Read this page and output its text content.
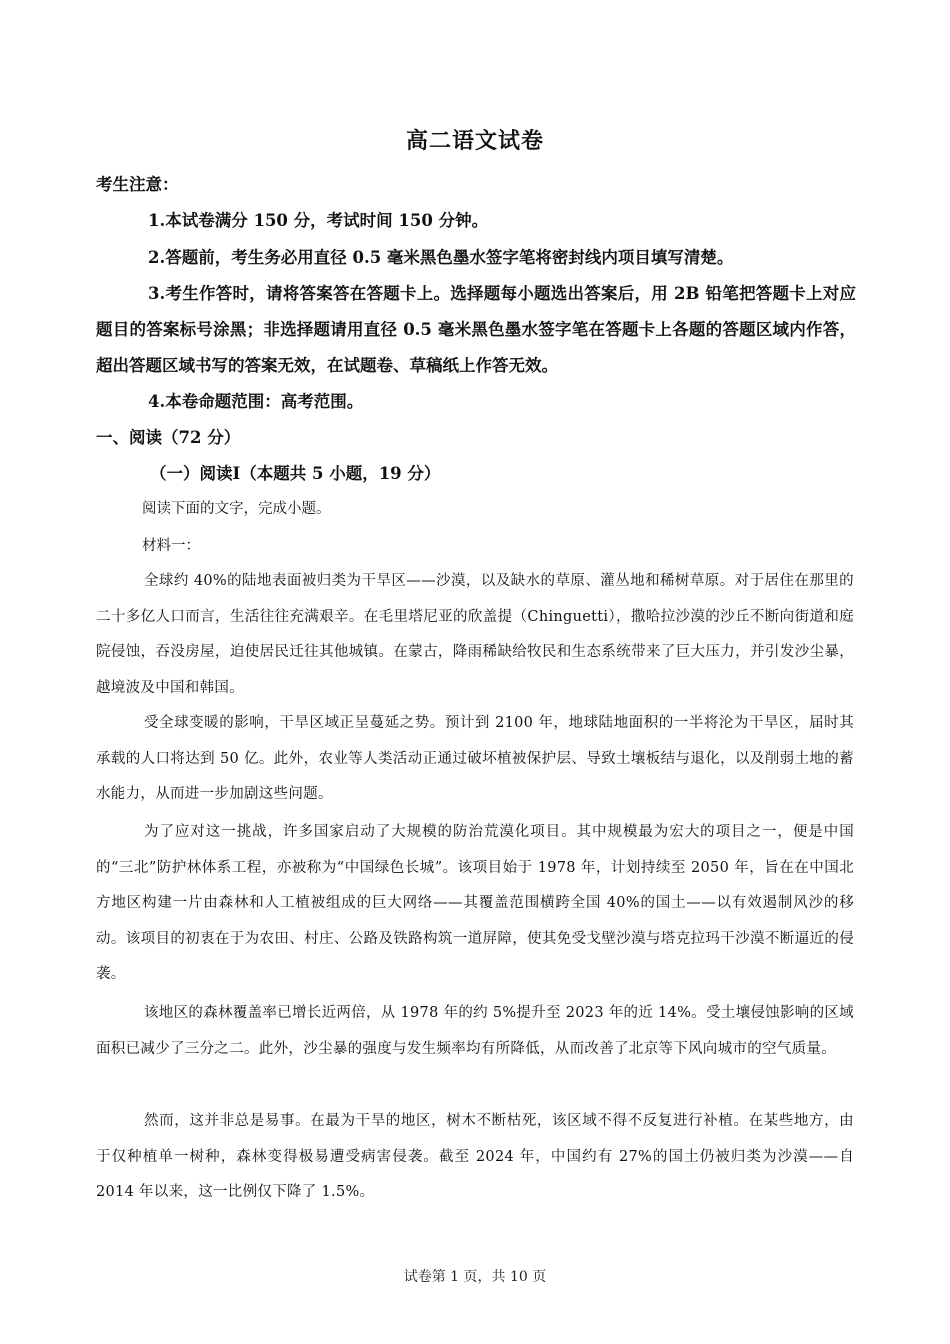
高二语文试卷
考生注意：
1.本试卷满分 150 分，考试时间 150 分钟。
2.答题前，考生务必用直径 0.5 毫米黑色墨水签字笔将密封线内项目填写清楚。
3.考生作答时，请将答案答在答题卡上。选择题每小题选出答案后，用 2B 铅笔把答题卡上对应题目的答案标号涂黑；非选择题请用直径 0.5 毫米黑色墨水签字笔在答题卡上各题的答题区域内作答，超出答题区域书写的答案无效，在试题卷、草稿纸上作答无效。
4.本卷命题范围：高考范围。
一、阅读（72 分）
（一）阅读Ⅰ（本题共 5 小题，19 分）
阅读下面的文字，完成小题。
材料一：
全球约 40%的陆地表面被归类为干旱区——沙漠，以及缺水的草原、灌丛地和稀树草原。对于居住在那里的二十多亿人口而言，生活往往充满艰辛。在毛里塔尼亚的欣盖提（Chinguetti），撒哈拉沙漠的沙丘不断向街道和庭院侵蚀，吞没房屋，迫使居民迁往其他城镇。在蒙古，降雨稀缺给牧民和生态系统带来了巨大压力，并引发沙尘暴，越境波及中国和韩国。
受全球变暖的影响，干旱区域正呈蔓延之势。预计到 2100 年，地球陆地面积的一半将沦为干旱区，届时其承载的人口将达到 50 亿。此外，农业等人类活动正通过破坏植被保护层、导致土壤板结与退化，以及削弱土地的蓄水能力，从而进一步加剧这些问题。
为了应对这一挑战，许多国家启动了大规模的防治荒漠化项目。其中规模最为宏大的项目之一，便是中国的“三北”防护林体系工程，亦被称为“中国绿色长城”。该项目始于 1978 年，计划持续至 2050 年，旨在在中国北方地区构建一片由森林和人工植被组成的巨大网络——其覆盖范围横跨全国 40%的国土——以有效遏制风沙的移动。该项目的初衷在于为农田、村庄、公路及铁路构筑一道屏障，使其免受戈壁沙漠与塔克拉玛干沙漠不断逼近的侵袭。
该地区的森林覆盖率已增长近两倍，从 1978 年的约 5%提升至 2023 年的近 14%。受土壤侵蚀影响的区域面积已减少了三分之二。此外，沙尘暴的强度与发生频率均有所降低，从而改善了北京等下风向城市的空气质量。
然而，这并非总是易事。在最为干旱的地区，树木不断枯死，该区域不得不反复进行补植。在某些地方，由于仅种植单一树种，森林变得极易遭受病害侵袭。截至 2024 年，中国约有 27%的国土仍被归类为沙漠——自 2014 年以来，这一比例仅下降了 1.5%。
试卷第 1 页，共 10 页
